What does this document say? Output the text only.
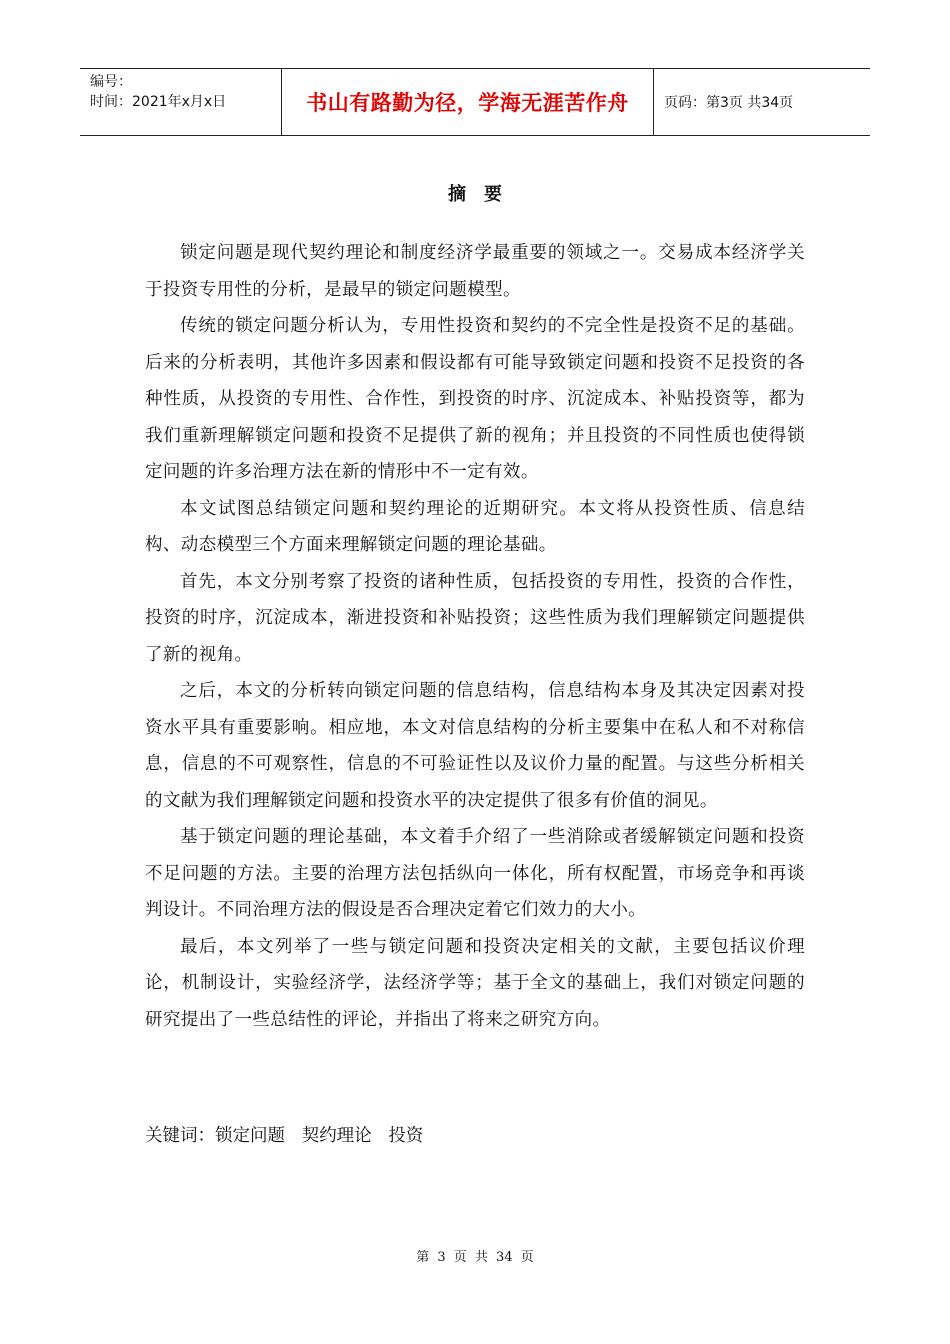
编号：
时间：2021年x月x日	书山有路勤为径，学海无涯苦作舟	页码：第3页 共34页
摘要

锁定问题是现代契约理论和制度经济学最重要的领域之一。交易成本经济学关于投资专用性的分析，是最早的锁定问题模型。

传统的锁定问题分析认为，专用性投资和契约的不完全性是投资不足的基础。后来的分析表明，其他许多因素和假设都有可能导致锁定问题和投资不足投资的各种性质，从投资的专用性、合作性，到投资的时序、沉淀成本、补贴投资等，都为我们重新理解锁定问题和投资不足提供了新的视角；并且投资的不同性质也使得锁定问题的许多治理方法在新的情形中不一定有效。

本文试图总结锁定问题和契约理论的近期研究。本文将从投资性质、信息结构、动态模型三个方面来理解锁定问题的理论基础。

首先，本文分别考察了投资的诸种性质，包括投资的专用性，投资的合作性，投资的时序，沉淀成本，渐进投资和补贴投资；这些性质为我们理解锁定问题提供了新的视角。

之后，本文的分析转向锁定问题的信息结构，信息结构本身及其决定因素对投资水平具有重要影响。相应地，本文对信息结构的分析主要集中在私人和不对称信息，信息的不可观察性，信息的不可验证性以及议价力量的配置。与这些分析相关的文献为我们理解锁定问题和投资水平的决定提供了很多有价值的洞见。

基于锁定问题的理论基础，本文着手介绍了一些消除或者缓解锁定问题和投资不足问题的方法。主要的治理方法包括纵向一体化，所有权配置，市场竞争和再谈判设计。不同治理方法的假设是否合理决定着它们效力的大小。

最后，本文列举了一些与锁定问题和投资决定相关的文献，主要包括议价理论，机制设计，实验经济学，法经济学等；基于全文的基础上，我们对锁定问题的研究提出了一些总结性的评论，并指出了将来之研究方向。

关键词：锁定问题   契约理论   投资
第 3 页 共 34 页
